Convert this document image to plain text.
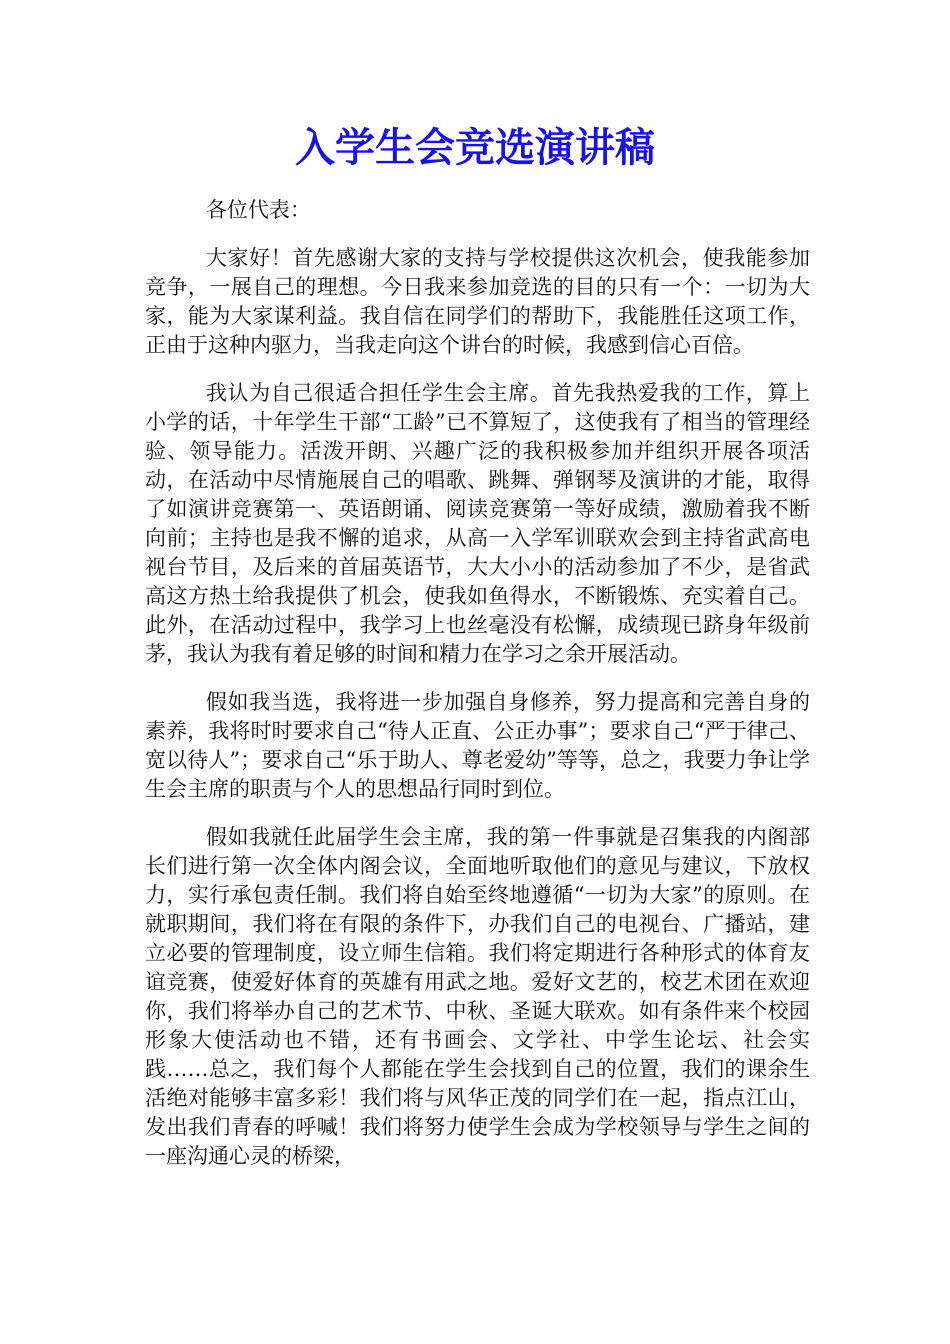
入学生会竞选演讲稿

各位代表：

大家好！首先感谢大家的支持与学校提供这次机会，使我能参加竞争，一展自己的理想。今日我来参加竞选的目的只有一个：一切为大家，能为大家谋利益。我自信在同学们的帮助下，我能胜任这项工作，正由于这种内驱力，当我走向这个讲台的时候，我感到信心百倍。

我认为自己很适合担任学生会主席。首先我热爱我的工作，算上小学的话，十年学生干部“工龄”已不算短了，这使我有了相当的管理经验、领导能力。活泼开朗、兴趣广泛的我积极参加并组织开展各项活动，在活动中尽情施展自己的唱歌、跳舞、弹钢琴及演讲的才能，取得了如演讲竞赛第一、英语朗诵、阅读竞赛第一等好成绩，激励着我不断向前；主持也是我不懈的追求，从高一入学军训联欢会到主持省武高电视台节目，及后来的首届英语节，大大小小的活动参加了不少，是省武高这方热土给我提供了机会，使我如鱼得水，不断锻炼、充实着自己。此外，在活动过程中，我学习上也丝毫没有松懈，成绩现已跻身年级前茅，我认为我有着足够的时间和精力在学习之余开展活动。

假如我当选，我将进一步加强自身修养，努力提高和完善自身的素养，我将时时要求自己“待人正直、公正办事”；要求自己“严于律己、宽以待人”；要求自己“乐于助人、尊老爱幼”等等，总之，我要力争让学生会主席的职责与个人的思想品行同时到位。

假如我就任此届学生会主席，我的第一件事就是召集我的内阁部长们进行第一次全体内阁会议，全面地听取他们的意见与建议，下放权力，实行承包责任制。我们将自始至终地遵循“一切为大家”的原则。在就职期间，我们将在有限的条件下，办我们自己的电视台、广播站，建立必要的管理制度，设立师生信箱。我们将定期进行各种形式的体育友谊竞赛，使爱好体育的英雄有用武之地。爱好文艺的，校艺术团在欢迎你，我们将举办自己的艺术节、中秋、圣诞大联欢。如有条件来个校园形象大使活动也不错，还有书画会、文学社、中学生论坛、社会实践……总之，我们每个人都能在学生会找到自己的位置，我们的课余生活绝对能够丰富多彩！我们将与风华正茂的同学们在一起，指点江山，发出我们青春的呼喊！我们将努力使学生会成为学校领导与学生之间的一座沟通心灵的桥梁，
